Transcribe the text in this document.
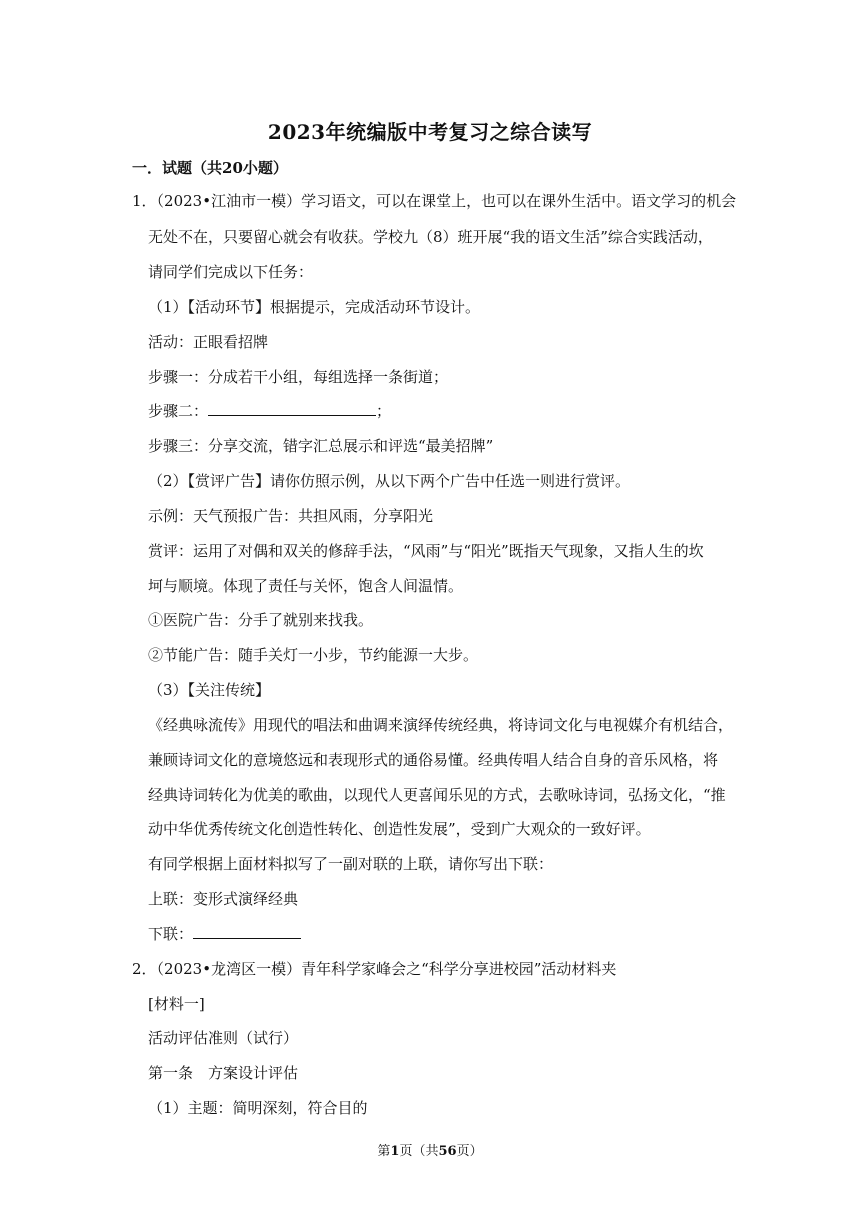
2023年统编版中考复习之综合读写
一．试题（共20小题）
1．（2023•江油市一模）学习语文，可以在课堂上，也可以在课外生活中。语文学习的机会
无处不在，只要留心就会有收获。学校九（8）班开展“我的语文生活”综合实践活动，
请同学们完成以下任务：
（1）【活动环节】根据提示，完成活动环节设计。
活动：正眼看招牌
步骤一：分成若干小组，每组选择一条街道；
步骤二：	；
步骤三：分享交流，错字汇总展示和评选“最美招牌”
（2）【赏评广告】请你仿照示例，从以下两个广告中任选一则进行赏评。
示例：天气预报广告：共担风雨，分享阳光
赏评：运用了对偶和双关的修辞手法，“风雨”与“阳光”既指天气现象，又指人生的坎
坷与顺境。体现了责任与关怀，饱含人间温情。
①医院广告：分手了就别来找我。
②节能广告：随手关灯一小步，节约能源一大步。
（3）【关注传统】
《经典咏流传》用现代的唱法和曲调来演绎传统经典，将诗词文化与电视媒介有机结合，
兼顾诗词文化的意境悠远和表现形式的通俗易懂。经典传唱人结合自身的音乐风格，将
经典诗词转化为优美的歌曲，以现代人更喜闻乐见的方式，去歌咏诗词，弘扬文化，“推
动中华优秀传统文化创造性转化、创造性发展”，受到广大观众的一致好评。
有同学根据上面材料拟写了一副对联的上联，请你写出下联：
上联：变形式演绎经典
下联：
2．（2023•龙湾区一模）青年科学家峰会之“科学分享进校园”活动材料夹
[材料一]
活动评估准则（试行）
第一条　方案设计评估
（1）主题：简明深刻，符合目的
第1页（共56页）
